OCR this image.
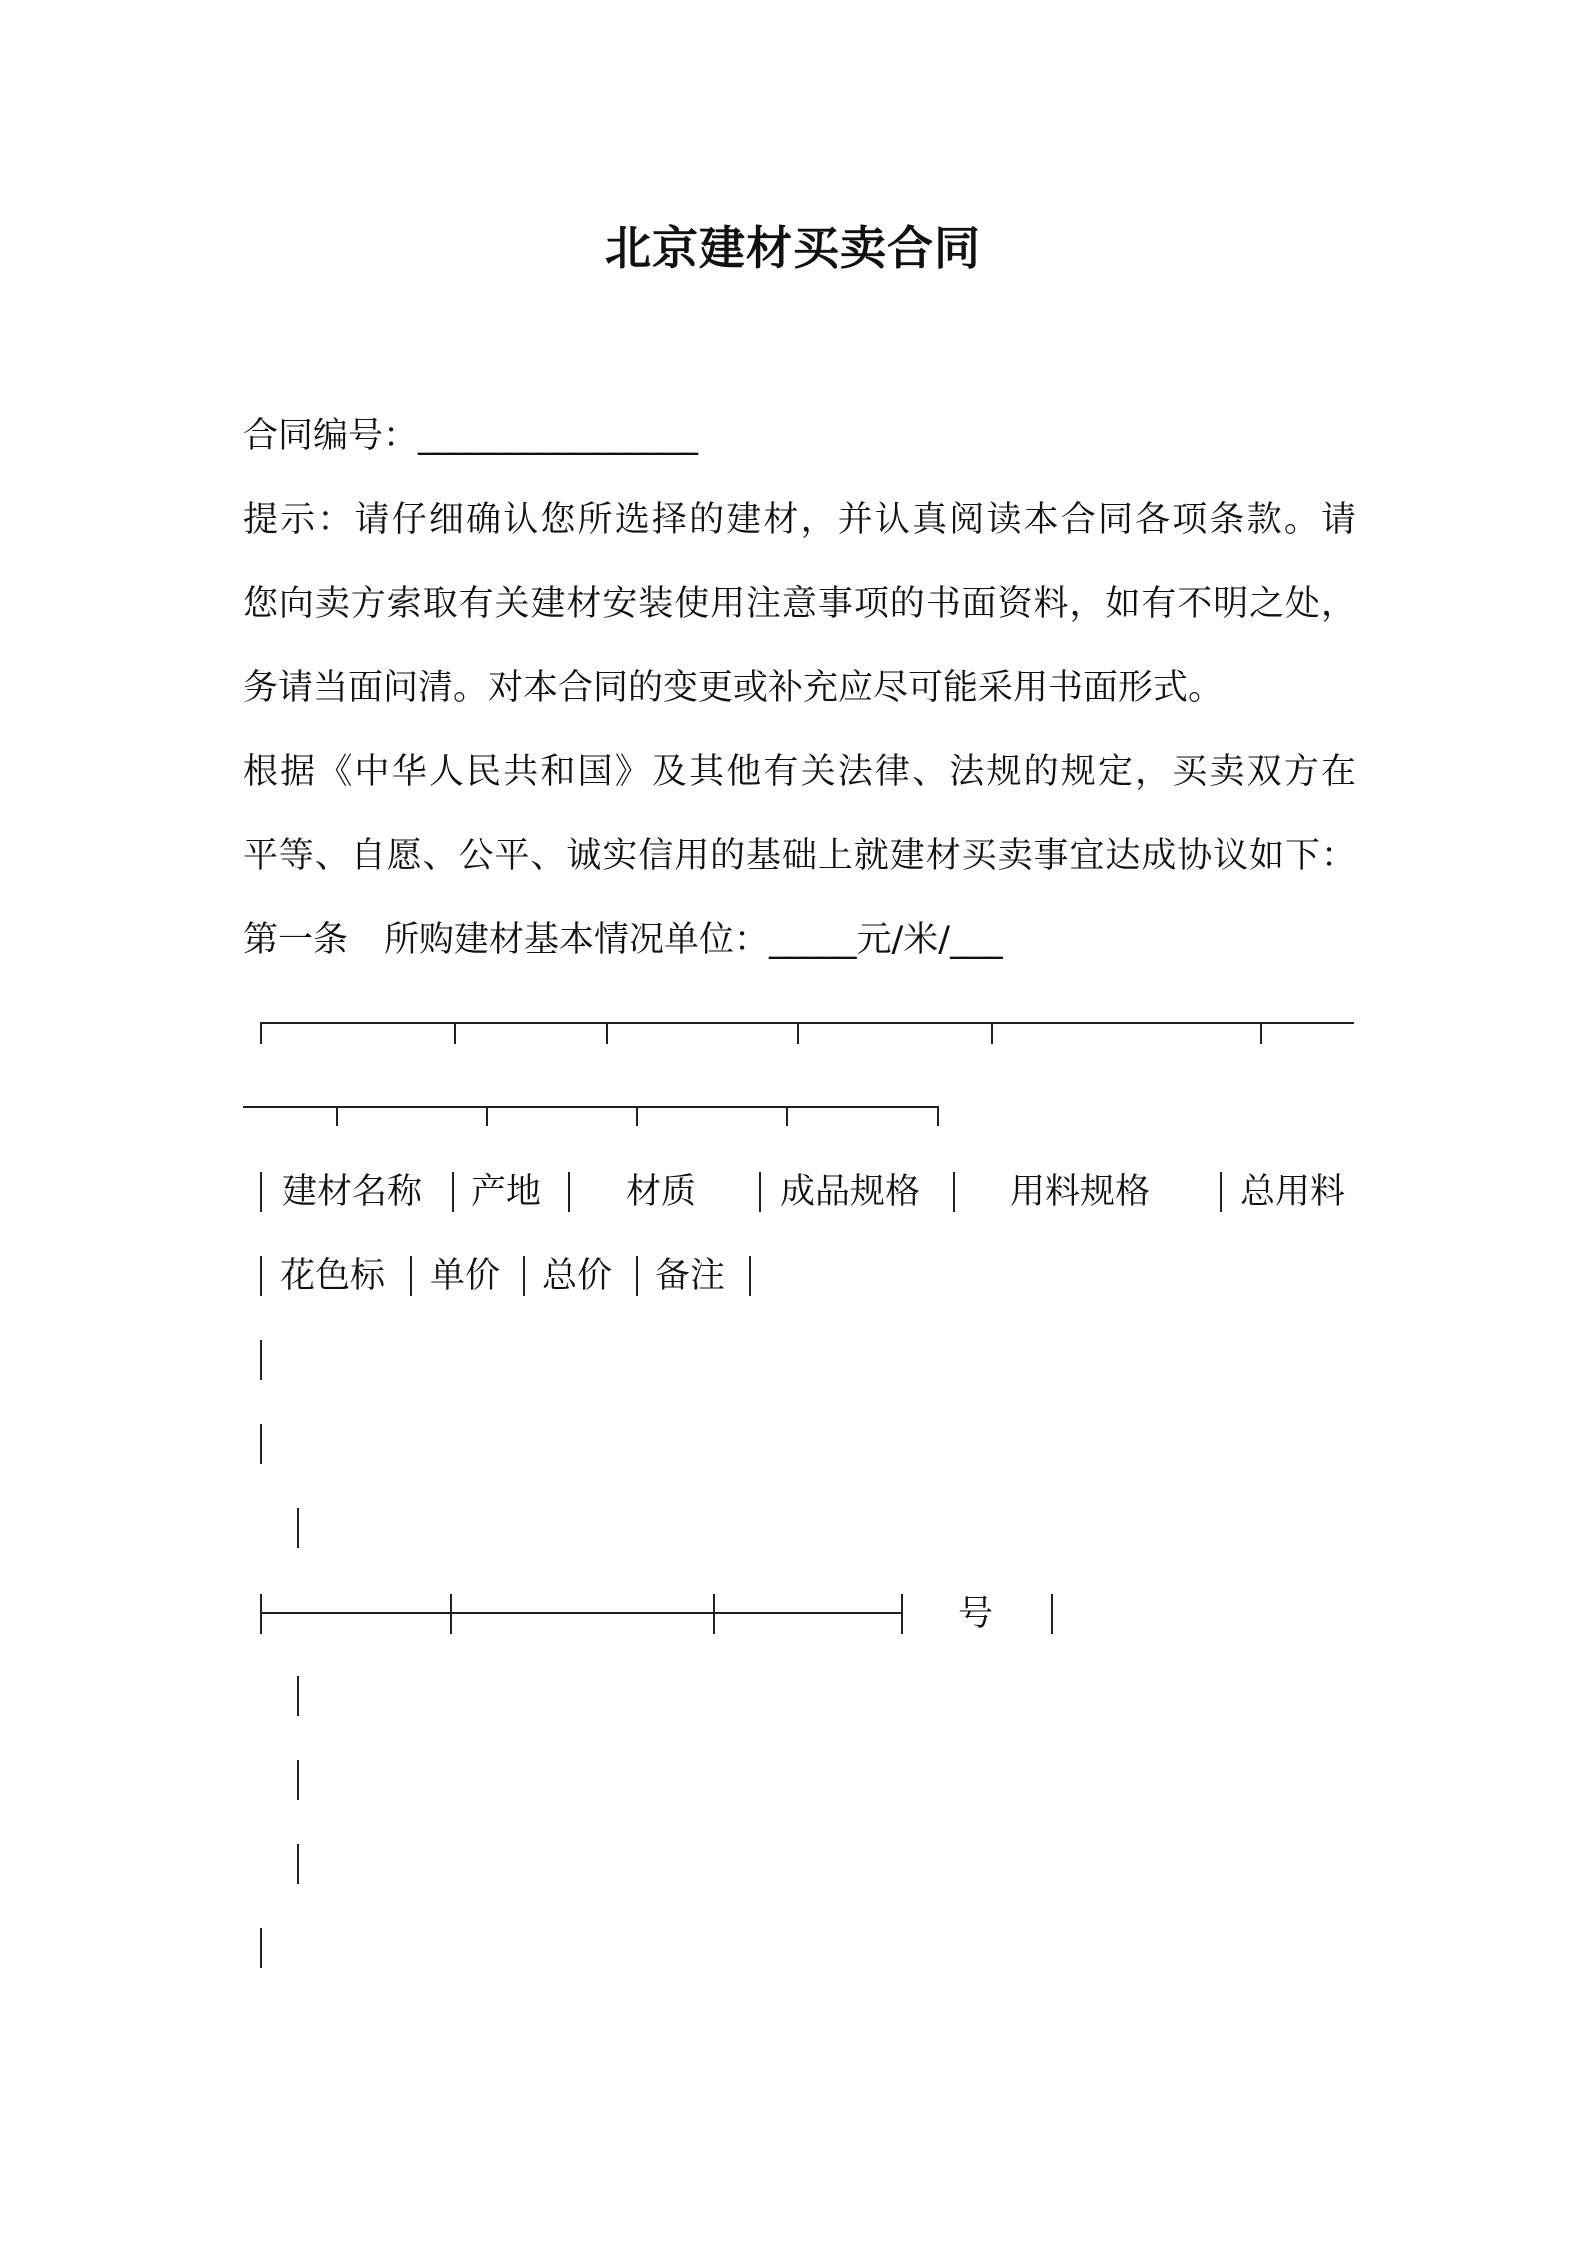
北京建材买卖合同
合同编号：________________
提示：请仔细确认您所选择的建材，并认真阅读本合同各项条款。请
您向卖方索取有关建材安装使用注意事项的书面资料，如有不明之处，
务请当面问清。对本合同的变更或补充应尽可能采用书面形式。
根据《中华人民共和国》及其他有关法律、法规的规定，买卖双方在
平等、自愿、公平、诚实信用的基础上就建材买卖事宜达成协议如下：
第一条 所购建材基本情况单位：_____元/米/___
建材名称 产地 材质 成品规格	用料规格	总用料
花色标 单价 总价 备注
号
